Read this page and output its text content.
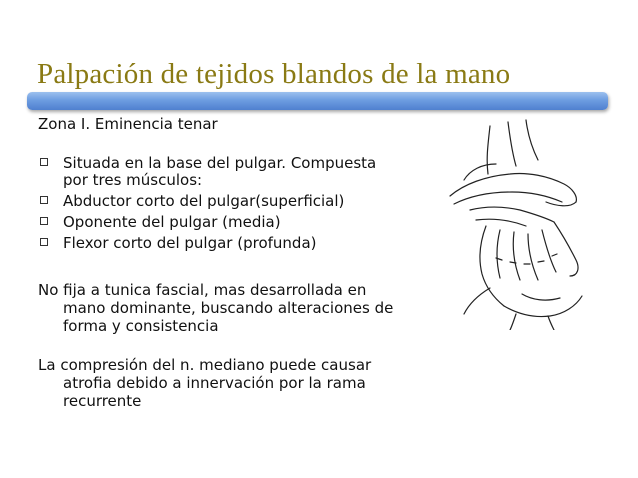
Palpación de tejidos blandos de la mano
Zona I. Eminencia tenar
Situada en la base del pulgar. Compuesta
por tres músculos:
Abductor corto del pulgar(superficial)
Oponente del pulgar (media)
Flexor corto del pulgar (profunda)
No fija a tunica fascial, mas desarrollada en
mano dominante, buscando alteraciones de
forma y consistencia
La compresión del n. mediano puede causar
atrofia debido a innervación por la rama
recurrente
